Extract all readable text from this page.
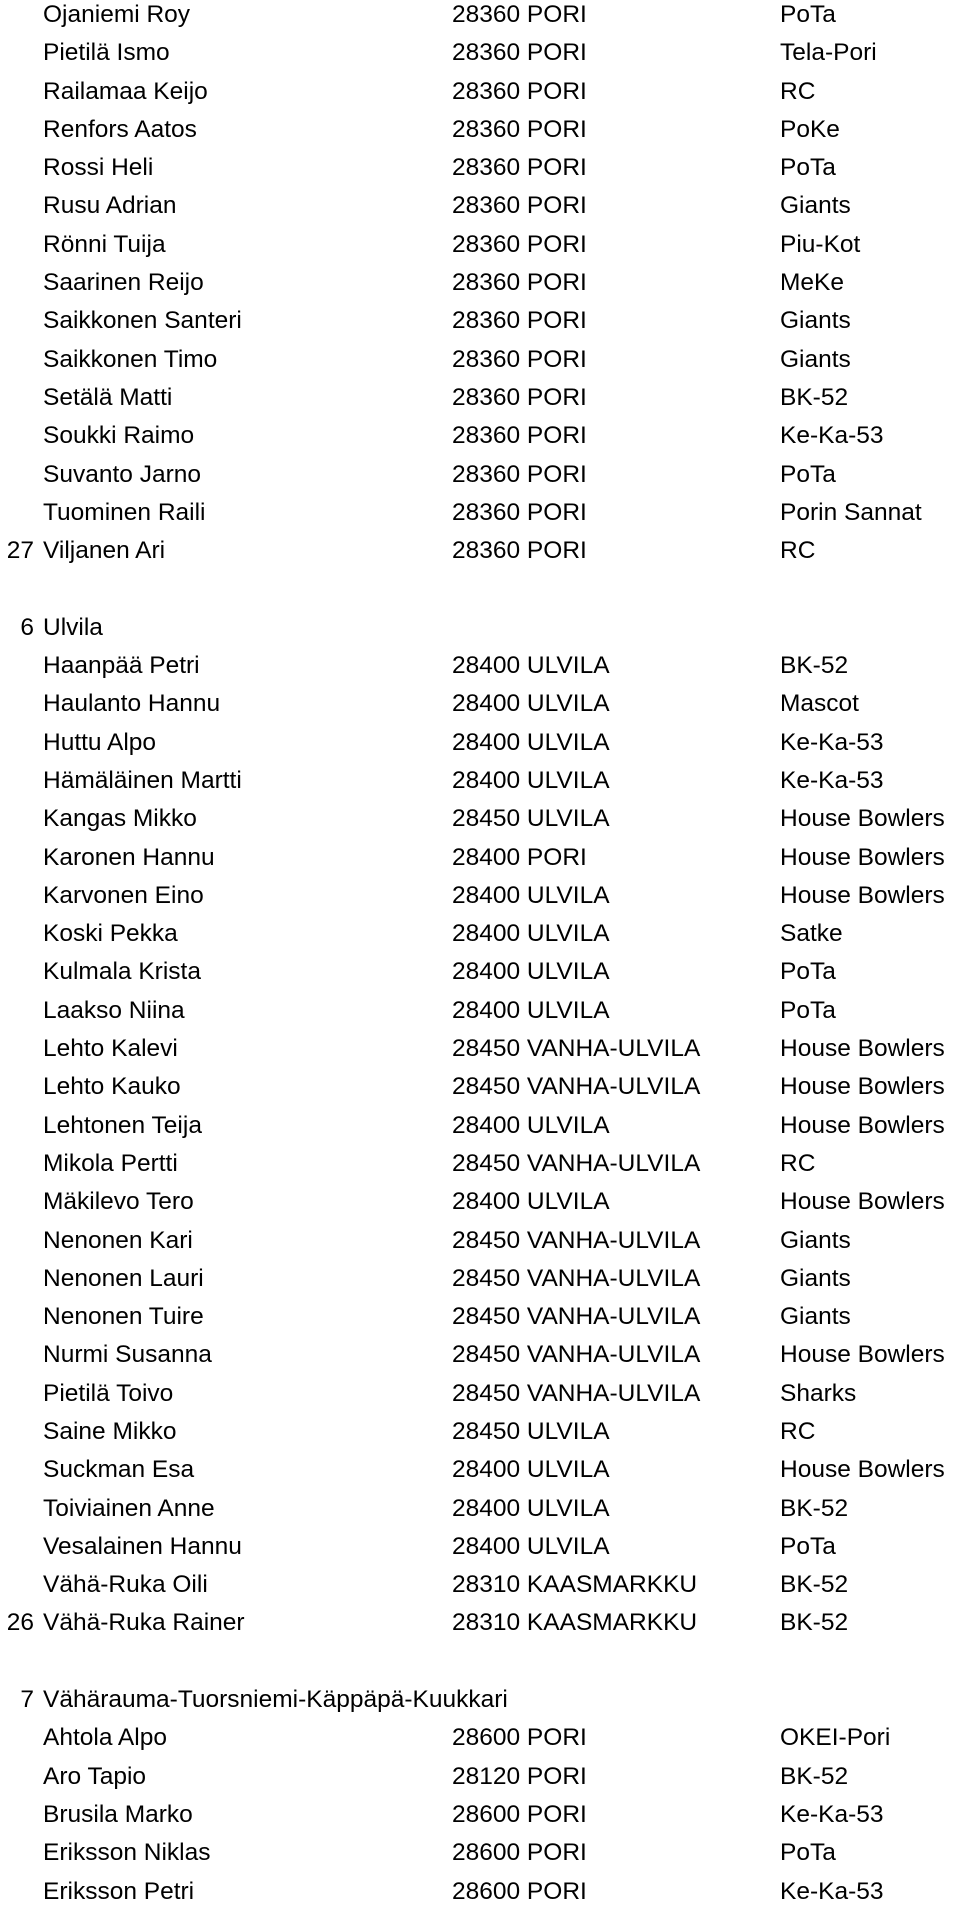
Ojaniemi Roy	28360 PORI	PoTa
Pietilä Ismo	28360 PORI	Tela-Pori
Railamaa Keijo	28360 PORI	RC
Renfors Aatos	28360 PORI	PoKe
Rossi Heli	28360 PORI	PoTa
Rusu Adrian	28360 PORI	Giants
Rönni Tuija	28360 PORI	Piu-Kot
Saarinen Reijo	28360 PORI	MeKe
Saikkonen Santeri	28360 PORI	Giants
Saikkonen Timo	28360 PORI	Giants
Setälä Matti	28360 PORI	BK-52
Soukki Raimo	28360 PORI	Ke-Ka-53
Suvanto Jarno	28360 PORI	PoTa
Tuominen Raili	28360 PORI	Porin Sannat
27 Viljanen Ari	28360 PORI	RC
6 Ulvila
Haanpää Petri	28400 ULVILA	BK-52
Haulanto Hannu	28400 ULVILA	Mascot
Huttu Alpo	28400 ULVILA	Ke-Ka-53
Hämäläinen Martti	28400 ULVILA	Ke-Ka-53
Kangas Mikko	28450 ULVILA	House Bowlers
Karonen Hannu	28400 PORI	House Bowlers
Karvonen Eino	28400 ULVILA	House Bowlers
Koski Pekka	28400 ULVILA	Satke
Kulmala Krista	28400 ULVILA	PoTa
Laakso Niina	28400 ULVILA	PoTa
Lehto Kalevi	28450 VANHA-ULVILA	House Bowlers
Lehto Kauko	28450 VANHA-ULVILA	House Bowlers
Lehtonen Teija	28400 ULVILA	House Bowlers
Mikola Pertti	28450 VANHA-ULVILA	RC
Mäkilevo Tero	28400 ULVILA	House Bowlers
Nenonen Kari	28450 VANHA-ULVILA	Giants
Nenonen Lauri	28450 VANHA-ULVILA	Giants
Nenonen Tuire	28450 VANHA-ULVILA	Giants
Nurmi Susanna	28450 VANHA-ULVILA	House Bowlers
Pietilä Toivo	28450 VANHA-ULVILA	Sharks
Saine Mikko	28450 ULVILA	RC
Suckman Esa	28400 ULVILA	House Bowlers
Toiviainen Anne	28400 ULVILA	BK-52
Vesalainen Hannu	28400 ULVILA	PoTa
Vähä-Ruka Oili	28310 KAASMARKKU	BK-52
26 Vähä-Ruka Rainer	28310 KAASMARKKU	BK-52
7 Vähärauma-Tuorsniemi-Käppäpä-Kuukkari
Ahtola Alpo	28600 PORI	OKEI-Pori
Aro Tapio	28120 PORI	BK-52
Brusila Marko	28600 PORI	Ke-Ka-53
Eriksson Niklas	28600 PORI	PoTa
Eriksson Petri	28600 PORI	Ke-Ka-53
